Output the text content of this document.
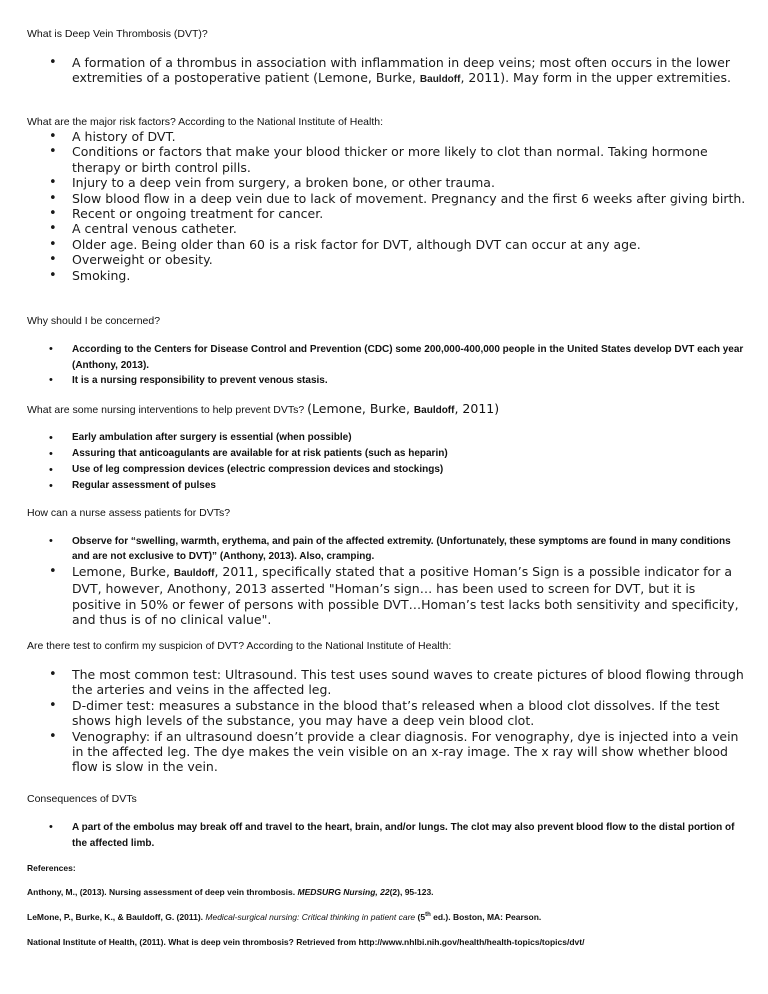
What is Deep Vein Thrombosis (DVT)?
• A formation of a thrombus in association with inflammation in deep veins; most often occurs in the lower extremities of a postoperative patient (Lemone, Burke, Bauldoff, 2011). May form in the upper extremities.
What are the major risk factors? According to the National Institute of Health:
• A history of DVT.
• Conditions or factors that make your blood thicker or more likely to clot than normal. Taking hormone therapy or birth control pills.
• Injury to a deep vein from surgery, a broken bone, or other trauma.
• Slow blood flow in a deep vein due to lack of movement. Pregnancy and the first 6 weeks after giving birth.
• Recent or ongoing treatment for cancer.
• A central venous catheter.
• Older age. Being older than 60 is a risk factor for DVT, although DVT can occur at any age.
• Overweight or obesity.
• Smoking.
Why should I be concerned?
• According to the Centers for Disease Control and Prevention (CDC) some 200,000-400,000 people in the United States develop DVT each year (Anthony, 2013).
• It is a nursing responsibility to prevent venous stasis.
What are some nursing interventions to help prevent DVTs? (Lemone, Burke, Bauldoff, 2011)
• Early ambulation after surgery is essential (when possible)
• Assuring that anticoagulants are available for at risk patients (such as heparin)
• Use of leg compression devices (electric compression devices and stockings)
• Regular assessment of pulses
How can a nurse assess patients for DVTs?
• Observe for “swelling, warmth, erythema, and pain of the affected extremity. (Unfortunately, these symptoms are found in many conditions and are not exclusive to DVT)” (Anthony, 2013). Also, cramping.
• Lemone, Burke, Bauldoff, 2011, specifically stated that a positive Homan’s Sign is a possible indicator for a DVT, however, Anothony, 2013 asserted "Homan’s sign… has been used to screen for DVT, but it is positive in 50% or fewer of persons with possible DVT…Homan’s test lacks both sensitivity and specificity, and thus is of no clinical value".
Are there test to confirm my suspicion of DVT? According to the National Institute of Health:
• The most common test: Ultrasound. This test uses sound waves to create pictures of blood flowing through the arteries and veins in the affected leg.
• D-dimer test: measures a substance in the blood that’s released when a blood clot dissolves. If the test shows high levels of the substance, you may have a deep vein blood clot.
• Venography: if an ultrasound doesn’t provide a clear diagnosis. For venography, dye is injected into a vein in the affected leg. The dye makes the vein visible on an x-ray image. The x ray will show whether blood flow is slow in the vein.
Consequences of DVTs
• A part of the embolus may break off and travel to the heart, brain, and/or lungs. The clot may also prevent blood flow to the distal portion of the affected limb.
References:
Anthony, M., (2013). Nursing assessment of deep vein thrombosis. MEDSURG Nursing, 22(2), 95-123.
LeMone, P., Burke, K., & Bauldoff, G. (2011). Medical-surgical nursing: Critical thinking in patient care (5th ed.). Boston, MA: Pearson.
National Institute of Health, (2011). What is deep vein thrombosis? Retrieved from http://www.nhlbi.nih.gov/health/health-topics/topics/dvt/
